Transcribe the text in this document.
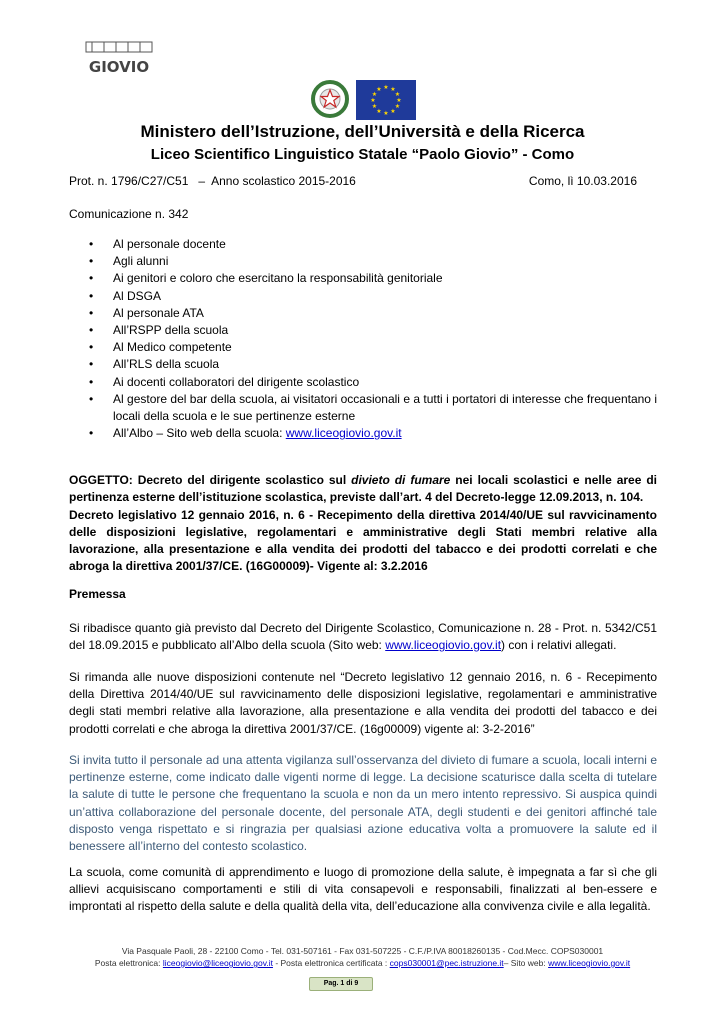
GIOVIO
★ ★
★
★
★
★
★
★
★
★
★
★
Ministero dell’Istruzione, dell’Università e della Ricerca
Liceo Scientifico Linguistico Statale “Paolo Giovio” - Como
Prot. n. 1796/C27/C51   –  Anno scolastico 2015-2016	Como, lì 10.03.2016
Comunicazione n. 342
• Al personale docente
• Agli alunni
• Ai genitori e coloro che esercitano la responsabilità genitoriale
• Al DSGA
• Al personale ATA
• All’RSPP della scuola
• Al Medico competente
• All’RLS della scuola
• Ai docenti collaboratori del dirigente scolastico
• Al gestore del bar della scuola, ai visitatori occasionali e a tutti i portatori di interesse che frequentano i locali della scuola e le sue pertinenze esterne
• All’Albo – Sito web della scuola: www.liceogiovio.gov.it
OGGETTO: Decreto del dirigente scolastico sul divieto di fumare nei locali scolastici e nelle aree di pertinenza esterne dell’istituzione scolastica, previste dall’art. 4 del Decreto-legge 12.09.2013, n. 104.
Decreto legislativo 12 gennaio 2016, n. 6 - Recepimento della direttiva 2014/40/UE sul ravvicinamento delle disposizioni legislative, regolamentari e amministrative degli Stati membri relative alla lavorazione, alla presentazione e alla vendita dei prodotti del tabacco e dei prodotti correlati e che abroga la direttiva 2001/37/CE. (16G00009)- Vigente al: 3.2.2016
Premessa
Si ribadisce quanto già previsto dal Decreto del Dirigente Scolastico, Comunicazione n. 28 - Prot. n. 5342/C51 del 18.09.2015 e pubblicato all’Albo della scuola (Sito web: www.liceogiovio.gov.it) con i relativi allegati.
Si rimanda alle nuove disposizioni contenute nel “Decreto legislativo 12 gennaio 2016, n. 6 - Recepimento della Direttiva 2014/40/UE sul ravvicinamento delle disposizioni legislative, regolamentari e amministrative degli stati membri relative alla lavorazione, alla presentazione e alla vendita dei prodotti del tabacco e dei prodotti correlati e che abroga la direttiva 2001/37/CE. (16g00009) vigente al: 3-2-2016”
Si invita tutto il personale ad una attenta vigilanza sull’osservanza del divieto di fumare a scuola, locali interni e pertinenze esterne, come indicato dalle vigenti norme di legge. La decisione scaturisce dalla scelta di tutelare la salute di tutte le persone che frequentano la scuola e non da un mero intento repressivo. Si auspica quindi un’attiva collaborazione del personale docente, del personale ATA, degli studenti e dei genitori affinché tale disposto venga rispettato e si ringrazia per qualsiasi azione educativa volta a promuovere la salute ed il benessere all’interno del contesto scolastico.
La scuola, come comunità di apprendimento e luogo di promozione della salute, è impegnata a far sì che gli allievi acquisiscano comportamenti e stili di vita consapevoli e responsabili, finalizzati al ben-essere e improntati al rispetto della salute e della qualità della vita, dell’educazione alla convivenza civile e alla legalità.
Via Pasquale Paoli, 28 - 22100 Como - Tel. 031-507161 - Fax 031-507225 - C.F./P.IVA 80018260135 - Cod.Mecc. COPS030001
Posta elettronica: liceogiovio@liceogiovio.gov.it - Posta elettronica certificata : cops030001@pec.istruzione.it– Sito web: www.liceogiovio.gov.it
Pag. 1 di 9
